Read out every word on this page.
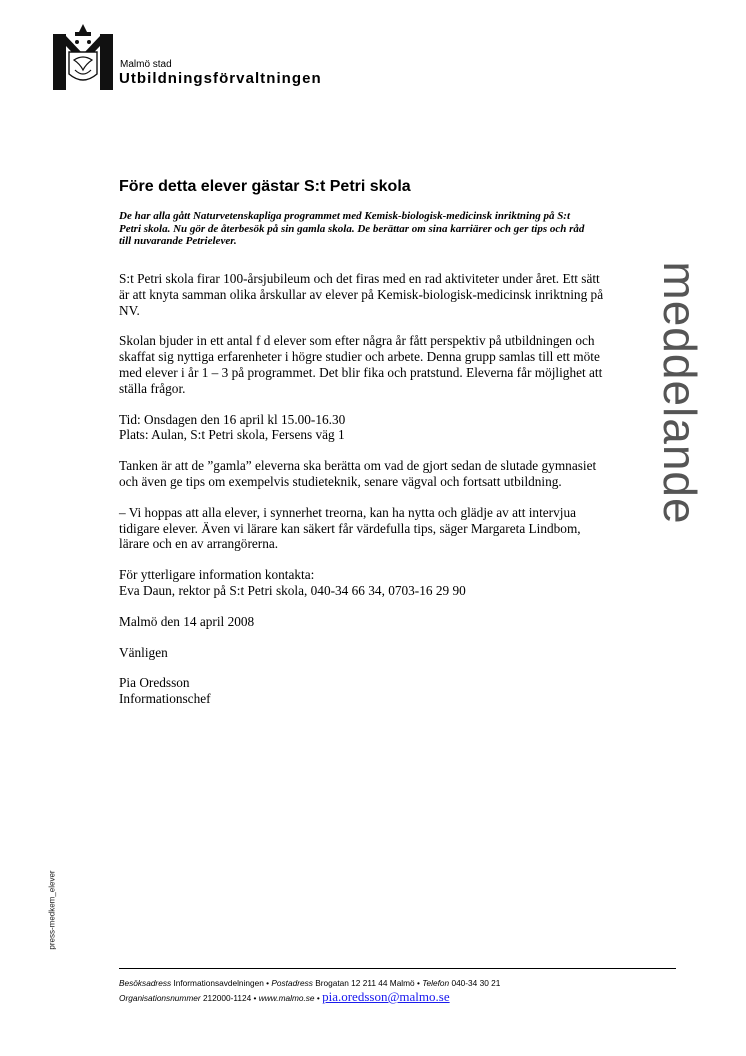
Malmö stad
Utbildningsförvaltningen
meddelande
press-medkem_elever
Före detta elever gästar S:t Petri skola

De har alla gått Naturvetenskapliga programmet med Kemisk-biologisk-medicinsk inriktning på S:t Petri skola. Nu gör de återbesök på sin gamla skola. De berättar om sina karriärer och ger tips och råd till nuvarande Petrielever.

S:t Petri skola firar 100-årsjubileum och det firas med en rad aktiviteter under året. Ett sätt är att knyta samman olika årskullar av elever på Kemisk-biologisk-medicinsk inriktning på NV.

Skolan bjuder in ett antal f d elever som efter några år fått perspektiv på utbildningen och skaffat sig nyttiga erfarenheter i högre studier och arbete. Denna grupp samlas till ett möte med elever i år 1 – 3 på programmet. Det blir fika och pratstund. Eleverna får möjlighet att ställa frågor.

Tid: Onsdagen den 16 april kl 15.00-16.30
Plats: Aulan, S:t Petri skola, Fersens väg 1

Tanken är att de ”gamla” eleverna ska berätta om vad de gjort sedan de slutade gymnasiet och även ge tips om exempelvis studieteknik, senare vägval och fortsatt utbildning.

– Vi hoppas att alla elever, i synnerhet treorna, kan ha nytta och glädje av att intervjua tidigare elever. Även vi lärare kan säkert får värdefulla tips, säger Margareta Lindbom, lärare och en av arrangörerna.

För ytterligare information kontakta:
Eva Daun, rektor på S:t Petri skola, 040-34 66 34, 0703-16 29 90

Malmö den 14 april 2008

Vänligen

Pia Oredsson
Informationschef

Besöksadress Informationsavdelningen • Postadress Brogatan 12 211 44 Malmö • Telefon 040-34 30 21
Organisationsnummer 212000-1124 • www.malmo.se • pia.oredsson@malmo.se
